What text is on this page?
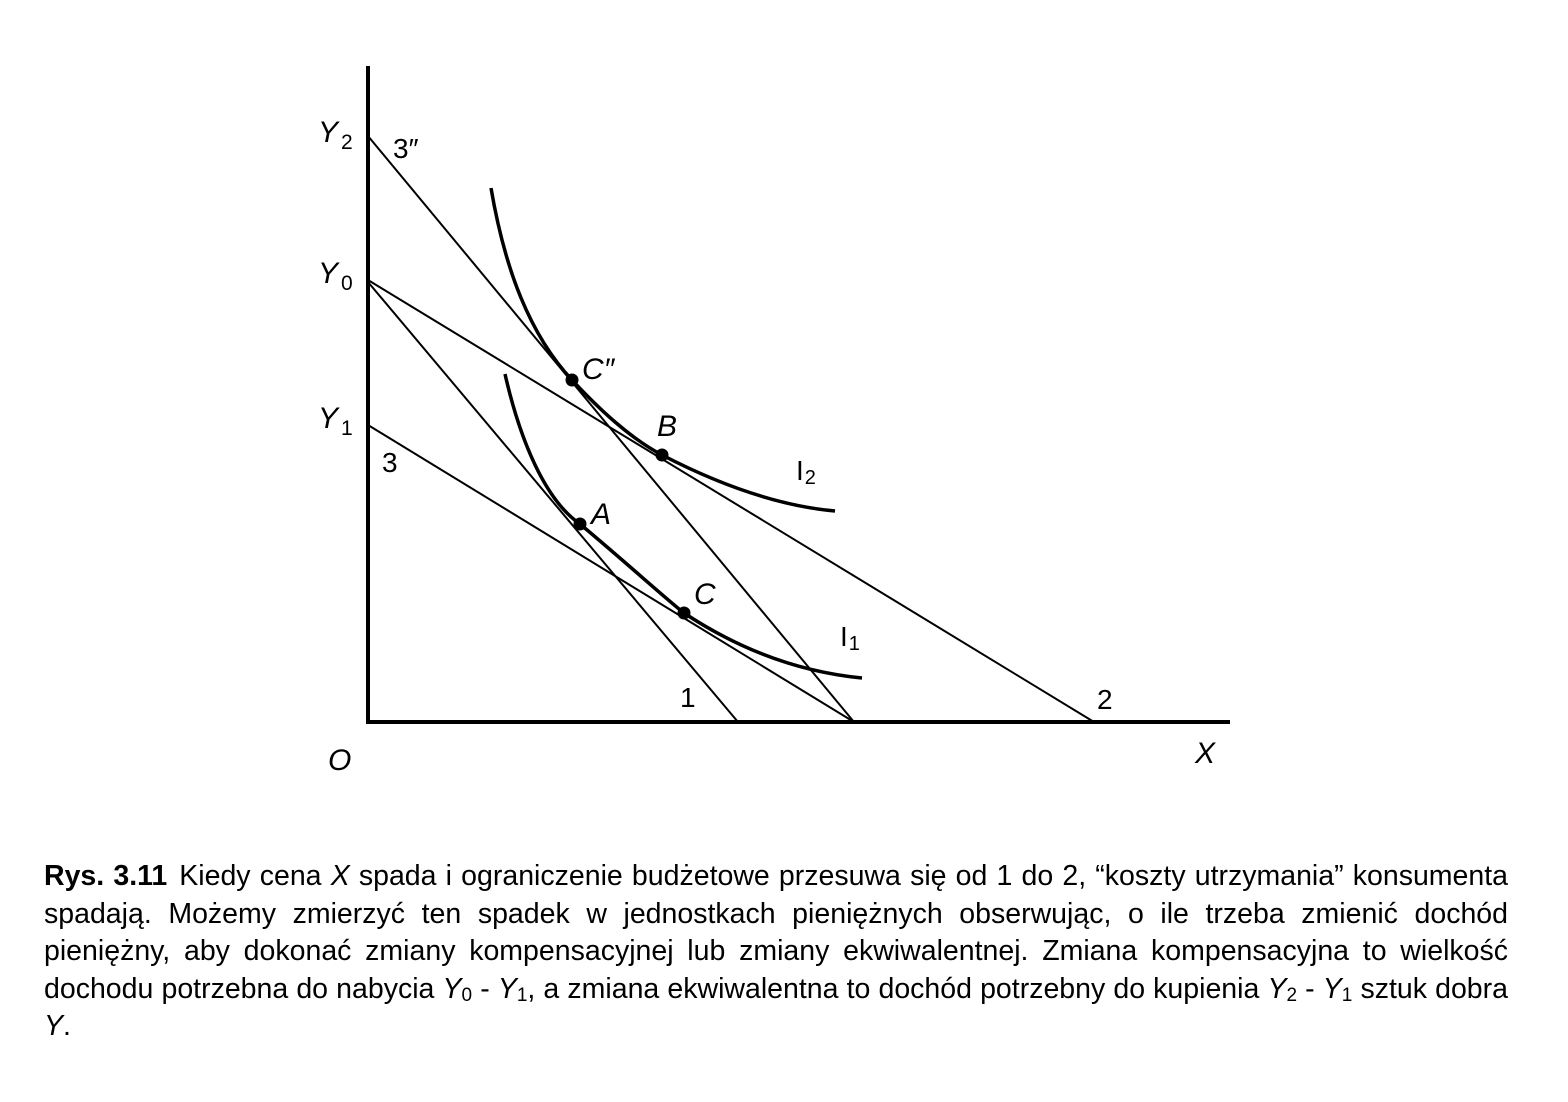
Y $_2$
Y $_0$
Y $_1$
3″
3
1	2
C″
B
A
C
I2
I1
O	X

Rys. 3.11 Kiedy cena X spada i ograniczenie budżetowe przesuwa się od 1 do 2, “koszty utrzymania” konsumenta spadają. Możemy zmierzyć ten spadek w jednostkach pieniężnych obserwując, o ile trzeba zmienić dochód pieniężny, aby dokonać zmiany kompensacyjnej lub zmiany ekwiwalentnej. Zmiana kompensacyjna to wielkość dochodu potrzebna do nabycia $Y_0 - Y_1$, a zmiana ekwiwalentna to dochód potrzebny do kupienia $Y_2 - Y_1$ sztuk dobra Y.
